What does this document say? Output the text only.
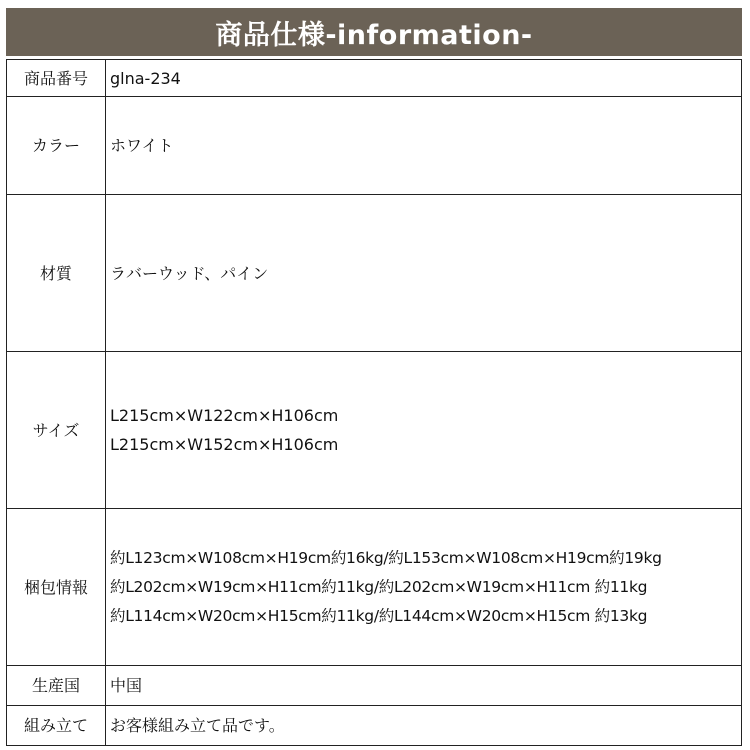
商品仕様-information-
商品番号	glna-234

カラー	ホワイト

材質	ラバーウッド、パイン

サイズ	L215cm×W122cm×H106cm
L215cm×W152cm×H106cm

梱包情報	約L123cm×W108cm×H19cm約16kg/約L153cm×W108cm×H19cm約19kg
約L202cm×W19cm×H11cm約11kg/約L202cm×W19cm×H11cm 約11kg
約L114cm×W20cm×H15cm約11kg/約L144cm×W20cm×H15cm 約13kg

生産国	中国

組み立て	お客様組み立て品です。
